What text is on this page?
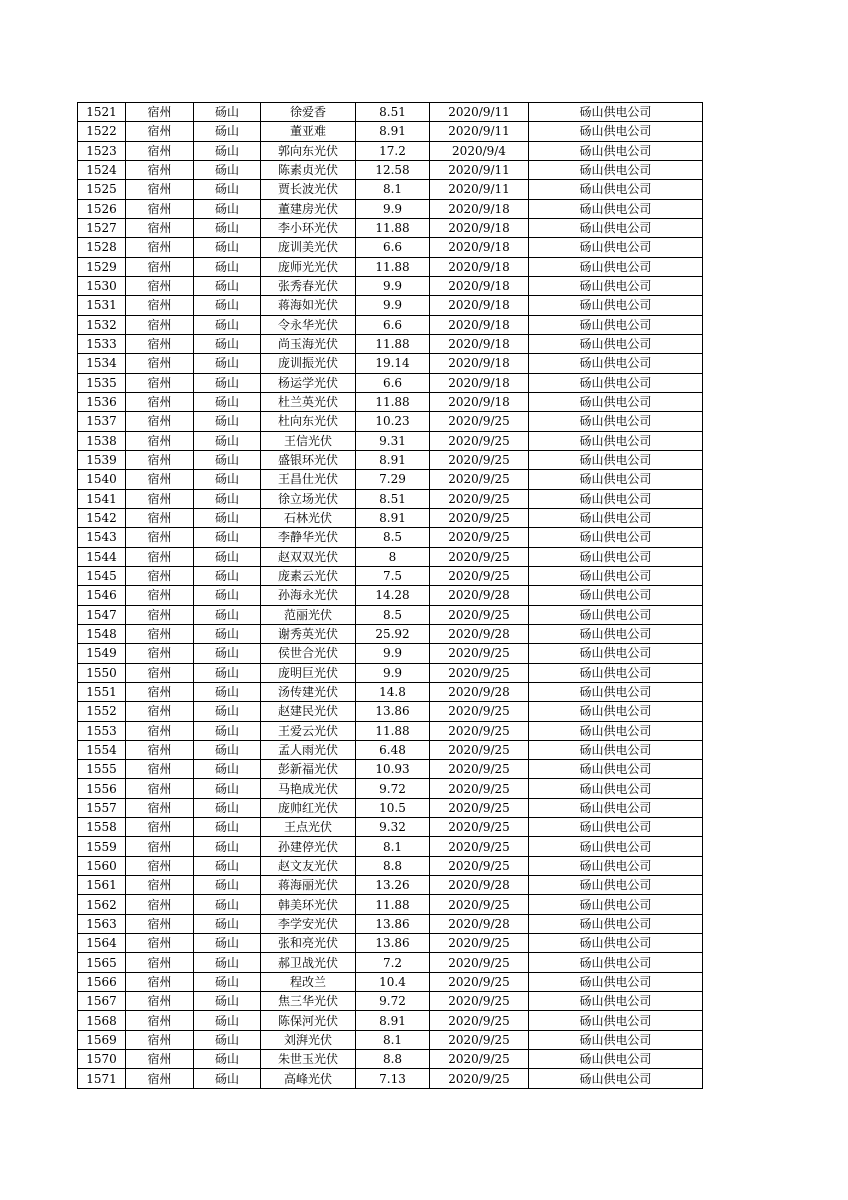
1521	宿州	砀山	徐爱香	8.51	2020/9/11	砀山供电公司
1522	宿州	砀山	董亚难	8.91	2020/9/11	砀山供电公司
1523	宿州	砀山	郭向东光伏	17.2	2020/9/4	砀山供电公司
1524	宿州	砀山	陈素贞光伏	12.58	2020/9/11	砀山供电公司
1525	宿州	砀山	贾长波光伏	8.1	2020/9/11	砀山供电公司
1526	宿州	砀山	董建房光伏	9.9	2020/9/18	砀山供电公司
1527	宿州	砀山	李小环光伏	11.88	2020/9/18	砀山供电公司
1528	宿州	砀山	庞训美光伏	6.6	2020/9/18	砀山供电公司
1529	宿州	砀山	庞师光光伏	11.88	2020/9/18	砀山供电公司
1530	宿州	砀山	张秀春光伏	9.9	2020/9/18	砀山供电公司
1531	宿州	砀山	蒋海如光伏	9.9	2020/9/18	砀山供电公司
1532	宿州	砀山	令永华光伏	6.6	2020/9/18	砀山供电公司
1533	宿州	砀山	尚玉海光伏	11.88	2020/9/18	砀山供电公司
1534	宿州	砀山	庞训振光伏	19.14	2020/9/18	砀山供电公司
1535	宿州	砀山	杨运学光伏	6.6	2020/9/18	砀山供电公司
1536	宿州	砀山	杜兰英光伏	11.88	2020/9/18	砀山供电公司
1537	宿州	砀山	杜向东光伏	10.23	2020/9/25	砀山供电公司
1538	宿州	砀山	王信光伏	9.31	2020/9/25	砀山供电公司
1539	宿州	砀山	盛银环光伏	8.91	2020/9/25	砀山供电公司
1540	宿州	砀山	王昌仕光伏	7.29	2020/9/25	砀山供电公司
1541	宿州	砀山	徐立场光伏	8.51	2020/9/25	砀山供电公司
1542	宿州	砀山	石林光伏	8.91	2020/9/25	砀山供电公司
1543	宿州	砀山	李静华光伏	8.5	2020/9/25	砀山供电公司
1544	宿州	砀山	赵双双光伏	8	2020/9/25	砀山供电公司
1545	宿州	砀山	庞素云光伏	7.5	2020/9/25	砀山供电公司
1546	宿州	砀山	孙海永光伏	14.28	2020/9/28	砀山供电公司
1547	宿州	砀山	范丽光伏	8.5	2020/9/25	砀山供电公司
1548	宿州	砀山	谢秀英光伏	25.92	2020/9/28	砀山供电公司
1549	宿州	砀山	侯世合光伏	9.9	2020/9/25	砀山供电公司
1550	宿州	砀山	庞明巨光伏	9.9	2020/9/25	砀山供电公司
1551	宿州	砀山	汤传建光伏	14.8	2020/9/28	砀山供电公司
1552	宿州	砀山	赵建民光伏	13.86	2020/9/25	砀山供电公司
1553	宿州	砀山	王爱云光伏	11.88	2020/9/25	砀山供电公司
1554	宿州	砀山	孟人雨光伏	6.48	2020/9/25	砀山供电公司
1555	宿州	砀山	彭新福光伏	10.93	2020/9/25	砀山供电公司
1556	宿州	砀山	马艳成光伏	9.72	2020/9/25	砀山供电公司
1557	宿州	砀山	庞帅红光伏	10.5	2020/9/25	砀山供电公司
1558	宿州	砀山	王点光伏	9.32	2020/9/25	砀山供电公司
1559	宿州	砀山	孙建停光伏	8.1	2020/9/25	砀山供电公司
1560	宿州	砀山	赵文友光伏	8.8	2020/9/25	砀山供电公司
1561	宿州	砀山	蒋海丽光伏	13.26	2020/9/28	砀山供电公司
1562	宿州	砀山	韩美环光伏	11.88	2020/9/25	砀山供电公司
1563	宿州	砀山	李学安光伏	13.86	2020/9/28	砀山供电公司
1564	宿州	砀山	张和亮光伏	13.86	2020/9/25	砀山供电公司
1565	宿州	砀山	郝卫战光伏	7.2	2020/9/25	砀山供电公司
1566	宿州	砀山	程改兰	10.4	2020/9/25	砀山供电公司
1567	宿州	砀山	焦三华光伏	9.72	2020/9/25	砀山供电公司
1568	宿州	砀山	陈保河光伏	8.91	2020/9/25	砀山供电公司
1569	宿州	砀山	刘湃光伏	8.1	2020/9/25	砀山供电公司
1570	宿州	砀山	朱世玉光伏	8.8	2020/9/25	砀山供电公司
1571	宿州	砀山	高峰光伏	7.13	2020/9/25	砀山供电公司
